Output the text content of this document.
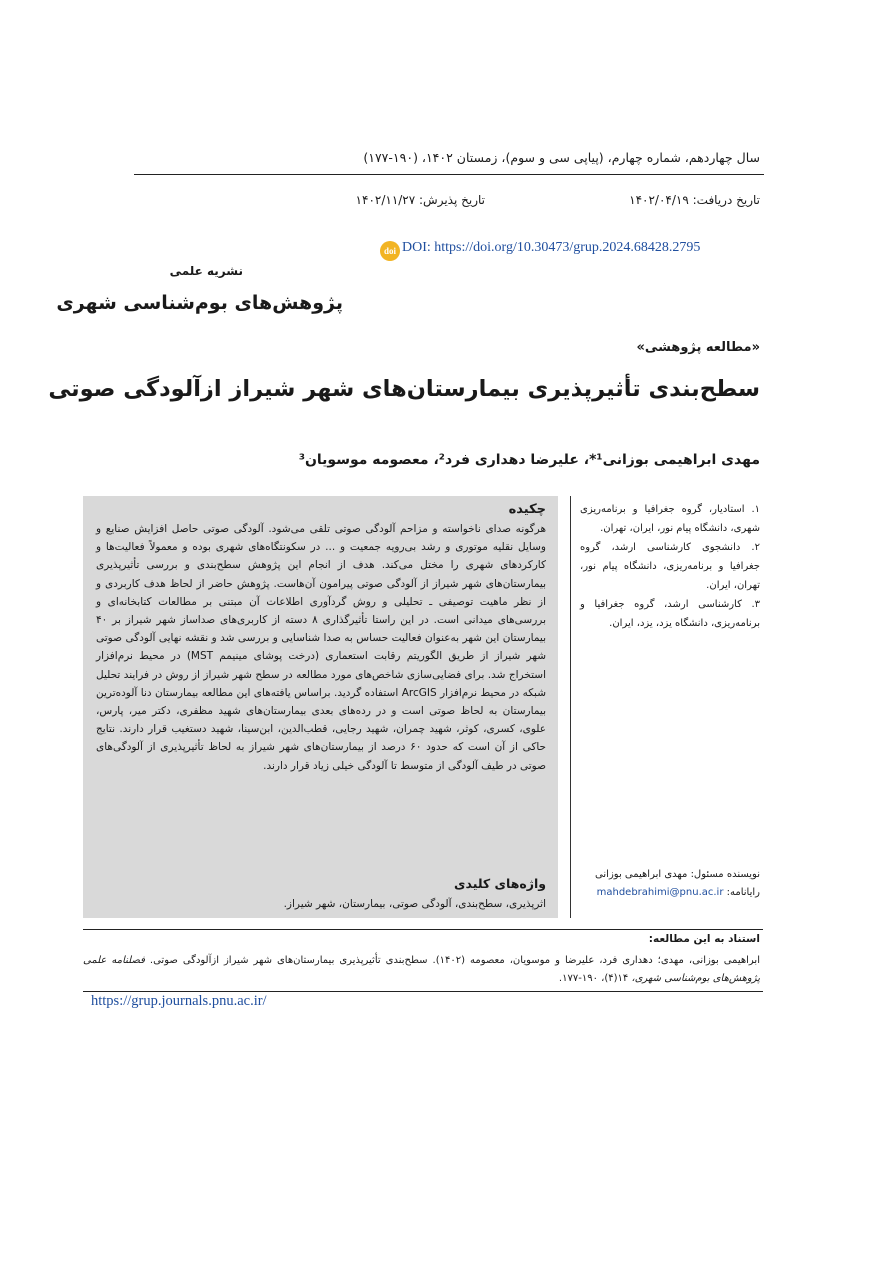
سال چهاردهم، شماره چهارم، (پیاپی سی و سوم)، زمستان ۱۴۰۲، (۱۹۰-۱۷۷)
تاریخ دریافت: ۱۴۰۲/۰۴/۱۹
تاریخ پذیرش: ۱۴۰۲/۱۱/۲۷
doi DOI: https://doi.org/10.30473/grup.2024.68428.2795
نشریه علمی
پژوهش‌های بوم‌شناسی شهری
«مطالعه پژوهشی»
سطح‌بندی تأثیرپذیری بیمارستان‌های شهر شیراز ازآلودگی صوتی
مهدی ابراهیمی بوزانی¹*، علیرضا دهداری فرد²، معصومه موسویان³
چکیده

هرگونه صدای ناخواسته و مزاحم آلودگی صوتی تلقی می‌شود. آلودگی صوتی حاصل افزایش صنایع و وسایل نقلیه موتوری و رشد بی‌رویه جمعیت و ... در سکونتگاه‌های شهری بوده و معمولاً فعالیت‌ها و کارکردهای شهری را مختل می‌کند. هدف از انجام این پژوهش سطح‌بندی و بررسی تأثیرپذیری بیمارستان‌های شهر شیراز از آلودگی صوتی پیرامون آن‌هاست. پژوهش حاضر از لحاظ هدف کاربردی و از نظر ماهیت توصیفی ـ تحلیلی و روش گردآوری اطلاعات آن مبتنی بر مطالعات کتابخانه‌ای و بررسی‌های میدانی است. در این راستا تأثیرگذاری ۸ دسته از کاربری‌های صداساز شهر شیراز بر ۴۰ بیمارستان این شهر به‌عنوان فعالیت حساس به صدا شناسایی و بررسی شد و نقشه نهایی آلودگی صوتی شهر شیراز از طریق الگوریتم رقابت استعماری (درخت پوشای مینیمم MST) در محیط نرم‌افزار استخراج شد. برای فضایی‌سازی شاخص‌های مورد مطالعه در سطح شهر شیراز از روش در فرایند تحلیل شبکه در محیط نرم‌افزار ArcGIS استفاده گردید. براساس یافته‌های این مطالعه بیمارستان دنا آلوده‌ترین بیمارستان به لحاظ صوتی است و در رده‌های بعدی بیمارستان‌های شهید مظفری، دکتر میر، پارس، علوی، کسری، کوثر، شهید چمران، شهید رجایی، قطب‌الدین، ابن‌سینا، شهید دستغیب قرار دارند. نتایج حاکی از آن است که حدود ۶۰ درصد از بیمارستان‌های شهر شیراز به لحاظ تأثیرپذیری از آلودگی‌های صوتی در طیف آلودگی از متوسط تا آلودگی خیلی زیاد قرار دارند.

واژه‌های کلیدی
اثرپذیری، سطح‌بندی، آلودگی صوتی، بیمارستان، شهر شیراز.

۱. استادیار، گروه جغرافیا و برنامه‌ریزی شهری، دانشگاه پیام نور، ایران، تهران.

۲. دانشجوی کارشناسی ارشد، گروه جغرافیا و برنامه‌ریزی، دانشگاه پیام نور، تهران، ایران.

۳. کارشناسی ارشد، گروه جغرافیا و برنامه‌ریزی، دانشگاه یزد، یزد، ایران.

نویسنده مسئول: مهدی ابراهیمی بوزانی
رایانامه: mahdebrahimi@pnu.ac.ir
استناد به این مطالعه:
ابراهیمی بوزانی، مهدی؛ دهداری فرد، علیرضا و موسویان، معصومه (۱۴۰۲). سطح‌بندی تأثیرپذیری بیمارستان‌های شهر شیراز ازآلودگی صوتی. فصلنامه علمی پژوهش‌های بوم‌شناسی شهری، ۱۴(۴)، ۱۹۰-۱۷۷.
https://grup.journals.pnu.ac.ir/
